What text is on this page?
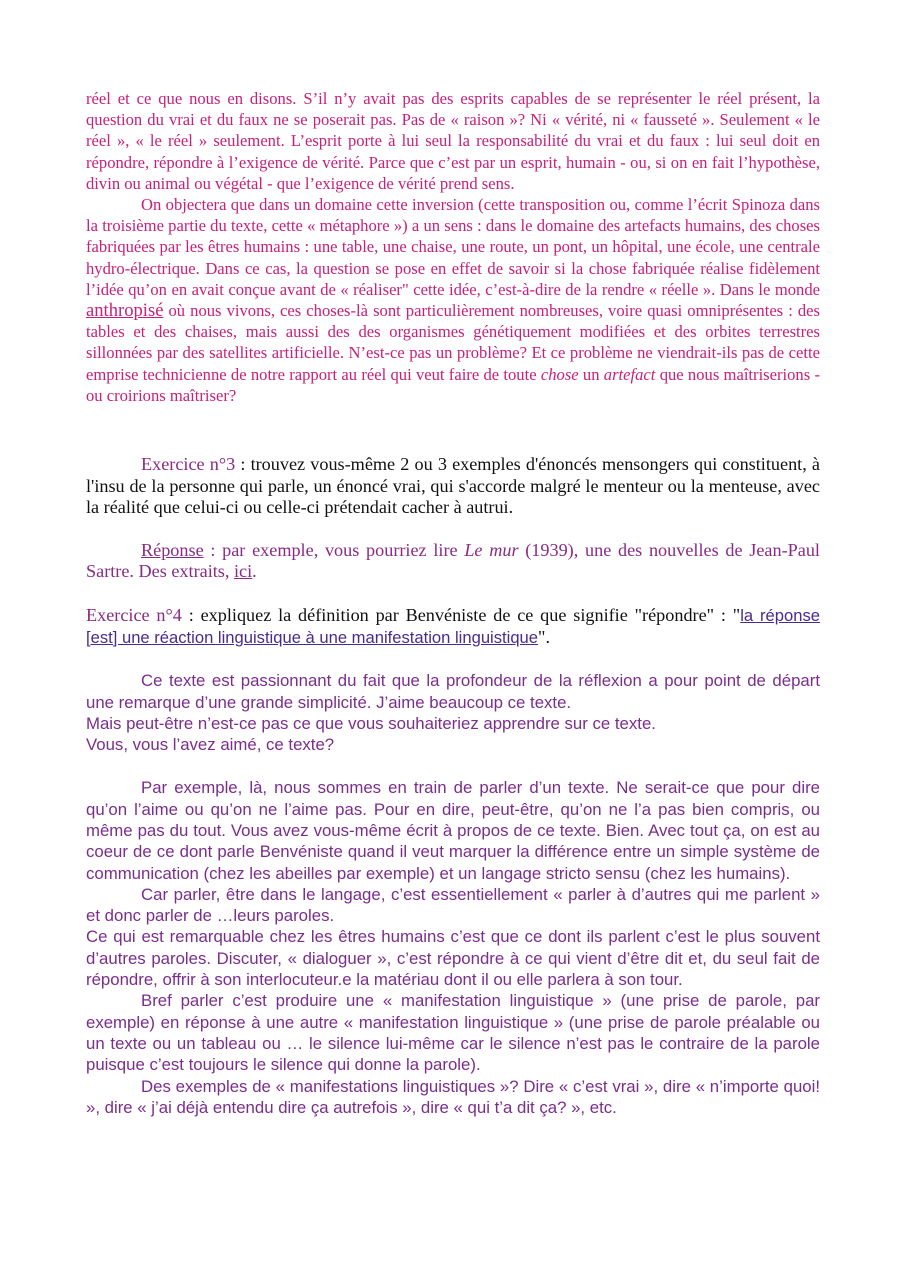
réel et ce que nous en disons. S’il n’y avait pas des esprits capables de se représenter le réel présent, la question du vrai et du faux ne se poserait pas. Pas de « raison »? Ni « vérité, ni « fausseté ». Seulement « le réel », « le réel » seulement. L’esprit porte à lui seul la responsabilité du vrai et du faux : lui seul doit en répondre, répondre à l’exigence de vérité. Parce que c’est par un esprit, humain - ou, si on en fait l’hypothèse, divin ou animal ou végétal - que l’exigence de vérité prend sens.

On objectera que dans un domaine cette inversion (cette transposition ou, comme l’écrit Spinoza dans la troisième partie du texte, cette « métaphore ») a un sens : dans le domaine des artefacts humains, des choses fabriquées par les êtres humains : une table, une chaise, une route, un pont, un hôpital, une école, une centrale hydro-électrique. Dans ce cas, la question se pose en effet de savoir si la chose fabriquée réalise fidèlement l’idée qu’on en avait conçue avant de « réaliser" cette idée, c’est-à-dire de la rendre « réelle ». Dans le monde anthropisé où nous vivons, ces choses-là sont particulièrement nombreuses, voire quasi omniprésentes : des tables et des chaises, mais aussi des des organismes génétiquement modifiées et des orbites terrestres sillonnées par des satellites artificielle. N’est-ce pas un problème? Et ce problème ne viendrait-ils pas de cette emprise technicienne de notre rapport au réel qui veut faire de toute chose un artefact que nous maîtriserions - ou croirions maîtriser?

Exercice n°3 : trouvez vous-même 2 ou 3 exemples d'énoncés mensongers qui constituent, à l'insu de la personne qui parle, un énoncé vrai, qui s'accorde malgré le menteur ou la menteuse, avec la réalité que celui-ci ou celle-ci prétendait cacher à autrui.

Réponse : par exemple, vous pourriez lire Le mur (1939), une des nouvelles de Jean-Paul Sartre. Des extraits, ici.

Exercice n°4 : expliquez la définition par Benvéniste de ce que signifie "répondre" : "la réponse [est] une réaction linguistique à une manifestation linguistique".

Ce texte est passionnant du fait que la profondeur de la réflexion a pour point de départ une remarque d’une grande simplicité. J’aime beaucoup ce texte.

Mais peut-être n’est-ce pas ce que vous souhaiteriez apprendre sur ce texte.

Vous, vous l’avez aimé, ce texte?

Par exemple, là, nous sommes en train de parler d’un texte. Ne serait-ce que pour dire qu’on l’aime ou qu’on ne l’aime pas. Pour en dire, peut-être, qu’on ne l’a pas bien compris, ou même pas du tout. Vous avez vous-même écrit à propos de ce texte. Bien. Avec tout ça, on est au coeur de ce dont parle Benvéniste quand il veut marquer la différence entre un simple système de communication (chez les abeilles par exemple) et un langage stricto sensu (chez les humains).

Car parler, être dans le langage, c’est essentiellement « parler à d’autres qui me parlent » et donc parler de …leurs paroles.

Ce qui est remarquable chez les êtres humains c’est que ce dont ils parlent c’est le plus souvent d’autres paroles. Discuter, « dialoguer », c’est répondre à ce qui vient d’être dit et, du seul fait de répondre, offrir à son interlocuteur.e la matériau dont il ou elle parlera à son tour.

Bref parler c’est produire une « manifestation linguistique » (une prise de parole, par exemple) en réponse à une autre « manifestation linguistique » (une prise de parole préalable ou un texte ou un tableau ou … le silence lui-même car le silence n’est pas le contraire de la parole puisque c’est toujours le silence qui donne la parole).

Des exemples de « manifestations linguistiques »? Dire « c’est vrai », dire « n’importe quoi! », dire « j’ai déjà entendu dire ça autrefois », dire « qui t’a dit ça? », etc.
